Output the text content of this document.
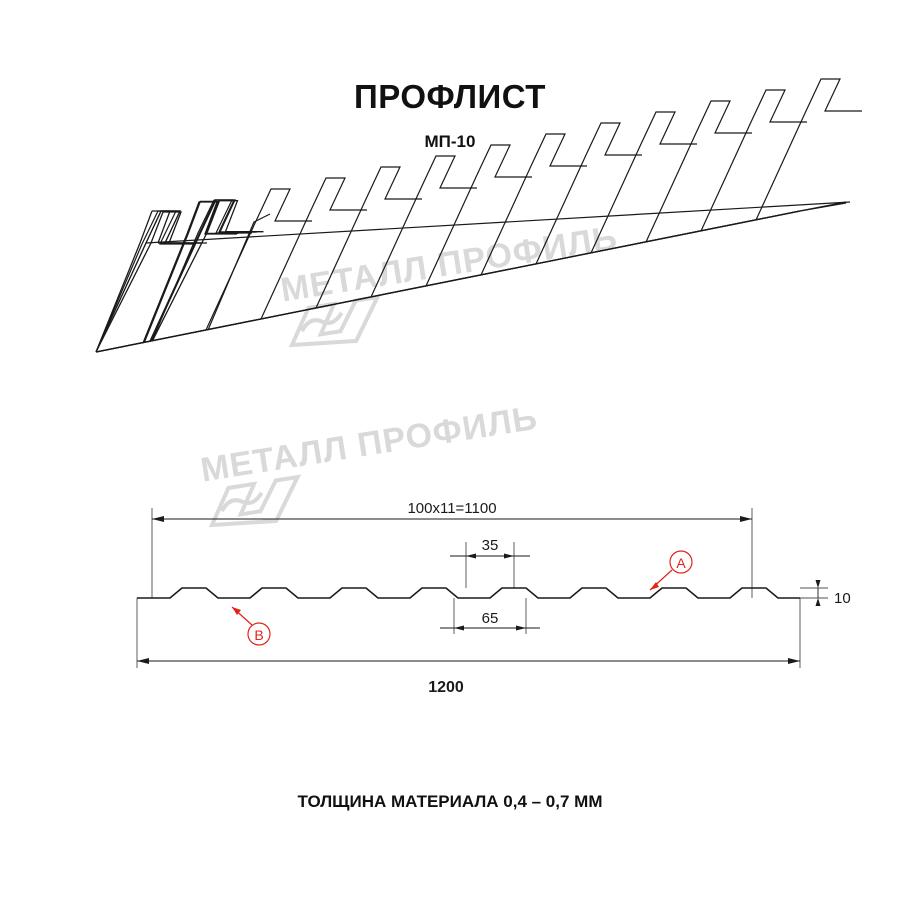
ПРОФЛИСТ
МП-10
МЕТАЛЛ ПРОФИЛЬ
МЕТАЛЛ ПРОФИЛЬ
100x11=1100
35
65
1200
10
A
B
ТОЛЩИНА МАТЕРИАЛА 0,4 – 0,7 ММ
